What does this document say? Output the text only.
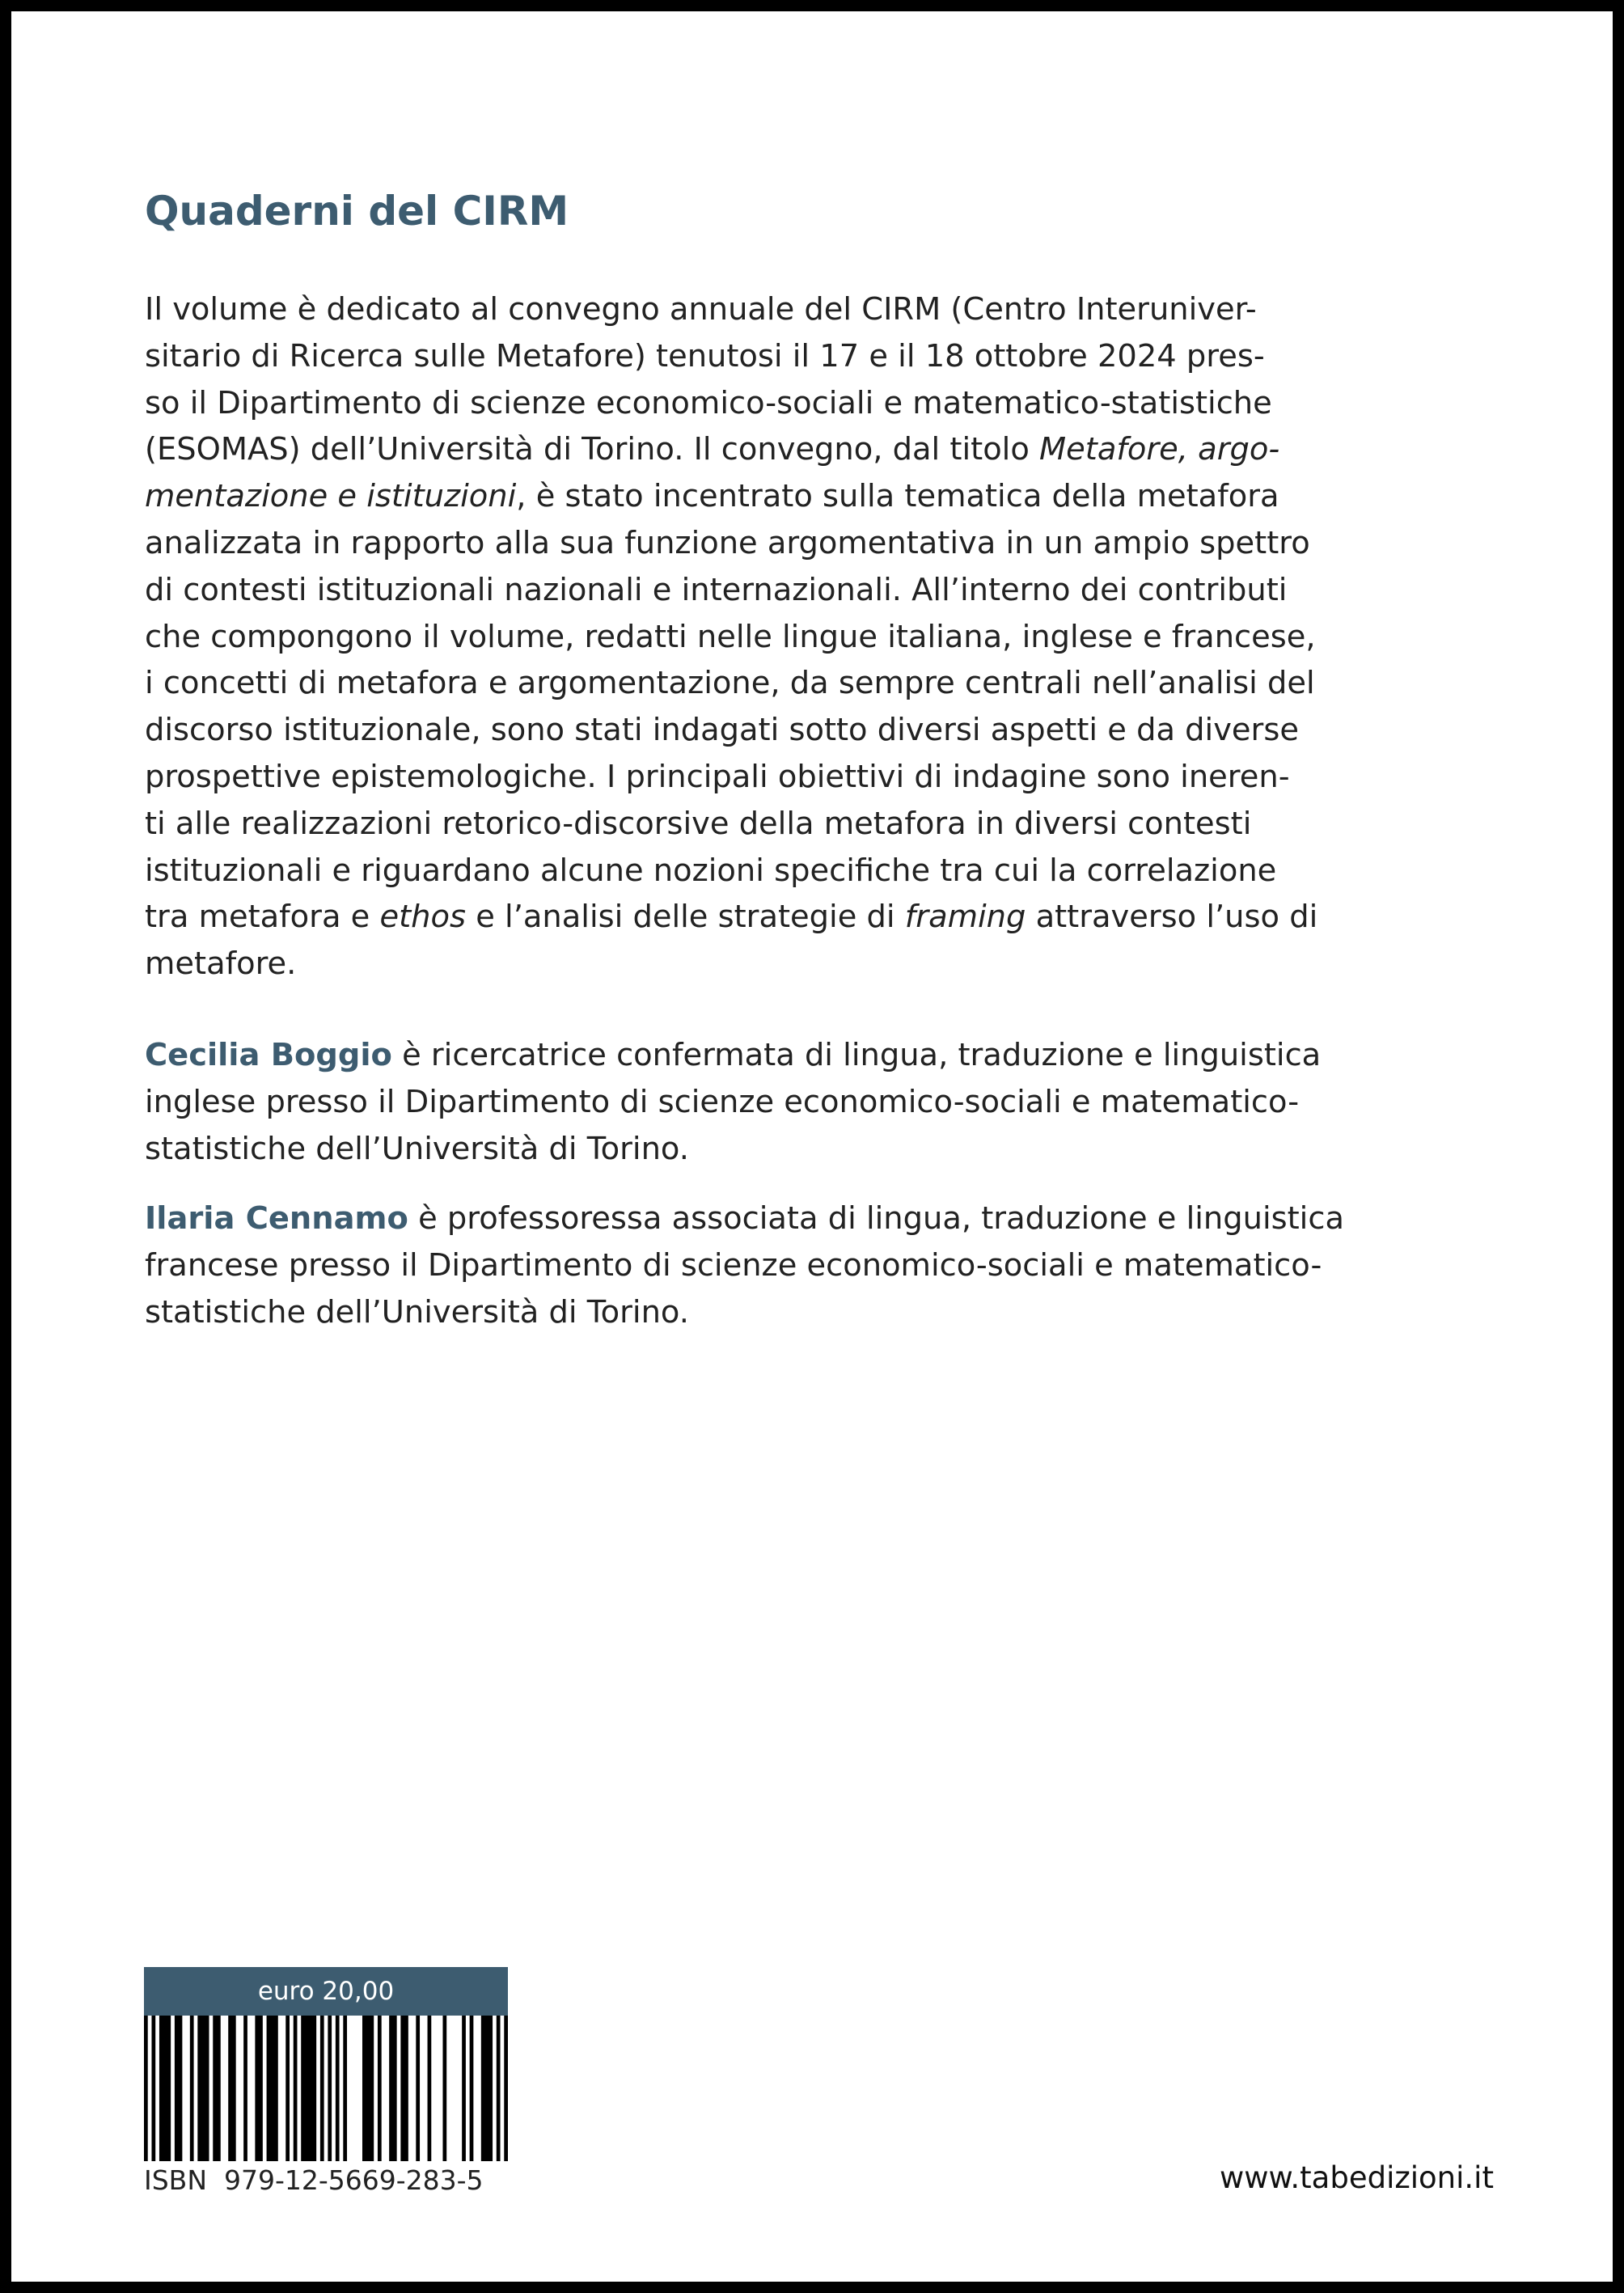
Quaderni del CIRM
Il volume è dedicato al convegno annuale del CIRM (Centro Interuniver-
sitario di Ricerca sulle Metafore) tenutosi il 17 e il 18 ottobre 2024 pres-
so il Dipartimento di scienze economico-sociali e matematico-statistiche
(ESOMAS) dell’Università di Torino. Il convegno, dal titolo Metafore, argo-
mentazione e istituzioni, è stato incentrato sulla tematica della metafora
analizzata in rapporto alla sua funzione argomentativa in un ampio spettro
di contesti istituzionali nazionali e internazionali. All’interno dei contributi
che compongono il volume, redatti nelle lingue italiana, inglese e francese,
i concetti di metafora e argomentazione, da sempre centrali nell’analisi del
discorso istituzionale, sono stati indagati sotto diversi aspetti e da diverse
prospettive epistemologiche. I principali obiettivi di indagine sono ineren-
ti alle realizzazioni retorico-discorsive della metafora in diversi contesti
istituzionali e riguardano alcune nozioni specifiche tra cui la correlazione
tra metafora e ethos e l’analisi delle strategie di framing attraverso l’uso di
metafore.
Cecilia Boggio è ricercatrice confermata di lingua, traduzione e linguistica
inglese presso il Dipartimento di scienze economico-sociali e matematico-
statistiche dell’Università di Torino.
Ilaria Cennamo è professoressa associata di lingua, traduzione e linguistica
francese presso il Dipartimento di scienze economico-sociali e matematico-
statistiche dell’Università di Torino.
euro 20,00

ISBN  979-12-5669-283-5	www.tabedizioni.it
